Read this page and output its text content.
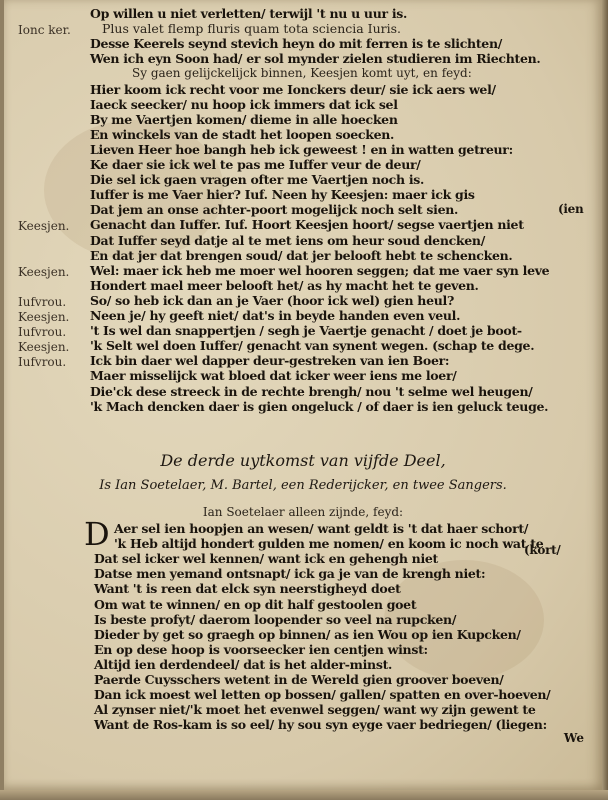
Op willen u niet verletten/ terwijl 't nu u uur is.
Ionc ker. Plus valet flemp fluris quam tota sciencia Iuris.
Desse Keerels seynd stevich heyn do mit ferren is te slichten/
Wen ich eyn Soon had/ er sol mynder zielen studieren im Riechten.
Sy gaen gelijckelijck binnen, Keesjen komt uyt, en feyd:
Hier koom ick recht voor me Ionckers deur/ sie ick aers wel/
Iaeck seecker/ nu hoop ick immers dat ick sel
By me Vaertjen komen/ dieme in alle hoecken
En winckels van de stadt het loopen soecken.
Lieven Heer hoe bangh heb ick geweest ! en in watten getreur:
Ke daer sie ick wel te pas me Iuffer veur de deur/
Die sel ick gaen vragen ofter me Vaertjen noch is.
Iuffer is me Vaer hier? Iuf. Neen hy Keesjen: maer ick gis
Dat jem an onse achter-poort mogelijck noch selt sien.	(ien
Keesjen. Genacht dan Iuffer. Iuf. Hoort Keesjen hoort/ segse vaertjen niet
Dat Iuffer seyd datje al te met iens om heur soud dencken/
En dat jer dat brengen soud/ dat jer belooft hebt te schencken.
Keesjen. Wel: maer ick heb me moer wel hooren seggen; dat me vaer syn leve
Hondert mael meer belooft het/ as hy macht het te geven.
Iufvrou. So/ so heb ick dan an je Vaer (hoor ick wel) gien heul?
Keesjen. Neen je/ hy geeft niet/ dat's in beyde handen even veul.
Iufvrou. 't Is wel dan snappertjen / segh je Vaertje genacht / doet je boot-
Keesjen. 'k Selt wel doen Iuffer/ genacht van synent wegen. (schap te dege.
Iufvrou. Ick bin daer wel dapper deur-gestreken van ien Boer:
Maer misselijck wat bloed dat icker weer iens me loer/
Die'ck dese streeck in de rechte brengh/ nou 't selme wel heugen/
'k Mach dencken daer is gien ongeluck / of daer is ien geluck teuge.
De derde uytkomst van vijfde Deel,
Is Ian Soetelaer, M. Bartel, een Rederijcker, en twee Sangers.
Ian Soetelaer alleen zijnde, feyd:
D Aer sel ien hoopjen an wesen/ want geldt is 't dat haer schort/
'k Heb altijd hondert gulden me nomen/ en koom ic noch wat te
Dat sel icker wel kennen/ want ick en gehengh niet
(kort/
Datse men yemand ontsnapt/ ick ga je van de krengh niet:
Want 't is reen dat elck syn neerstigheyd doet
Om wat te winnen/ en op dit half gestoolen goet
Is beste profyt/ daerom loopender so veel na rupcken/
Dieder by get so graegh op binnen/ as ien Wou op ien Kupcken/
En op dese hoop is voorseecker ien centjen winst:
Altijd ien derdendeel/ dat is het alder-minst.
Paerde Cuysschers wetent in de Wereld gien groover boeven/
Dan ick moest wel letten op bossen/ gallen/ spatten en over-hoeven/
Al zynser niet/'k moet het evenwel seggen/ want wy zijn gewent te
Want de Ros-kam is so eel/ hy sou syn eyge vaer bedriegen/ (liegen:
We
